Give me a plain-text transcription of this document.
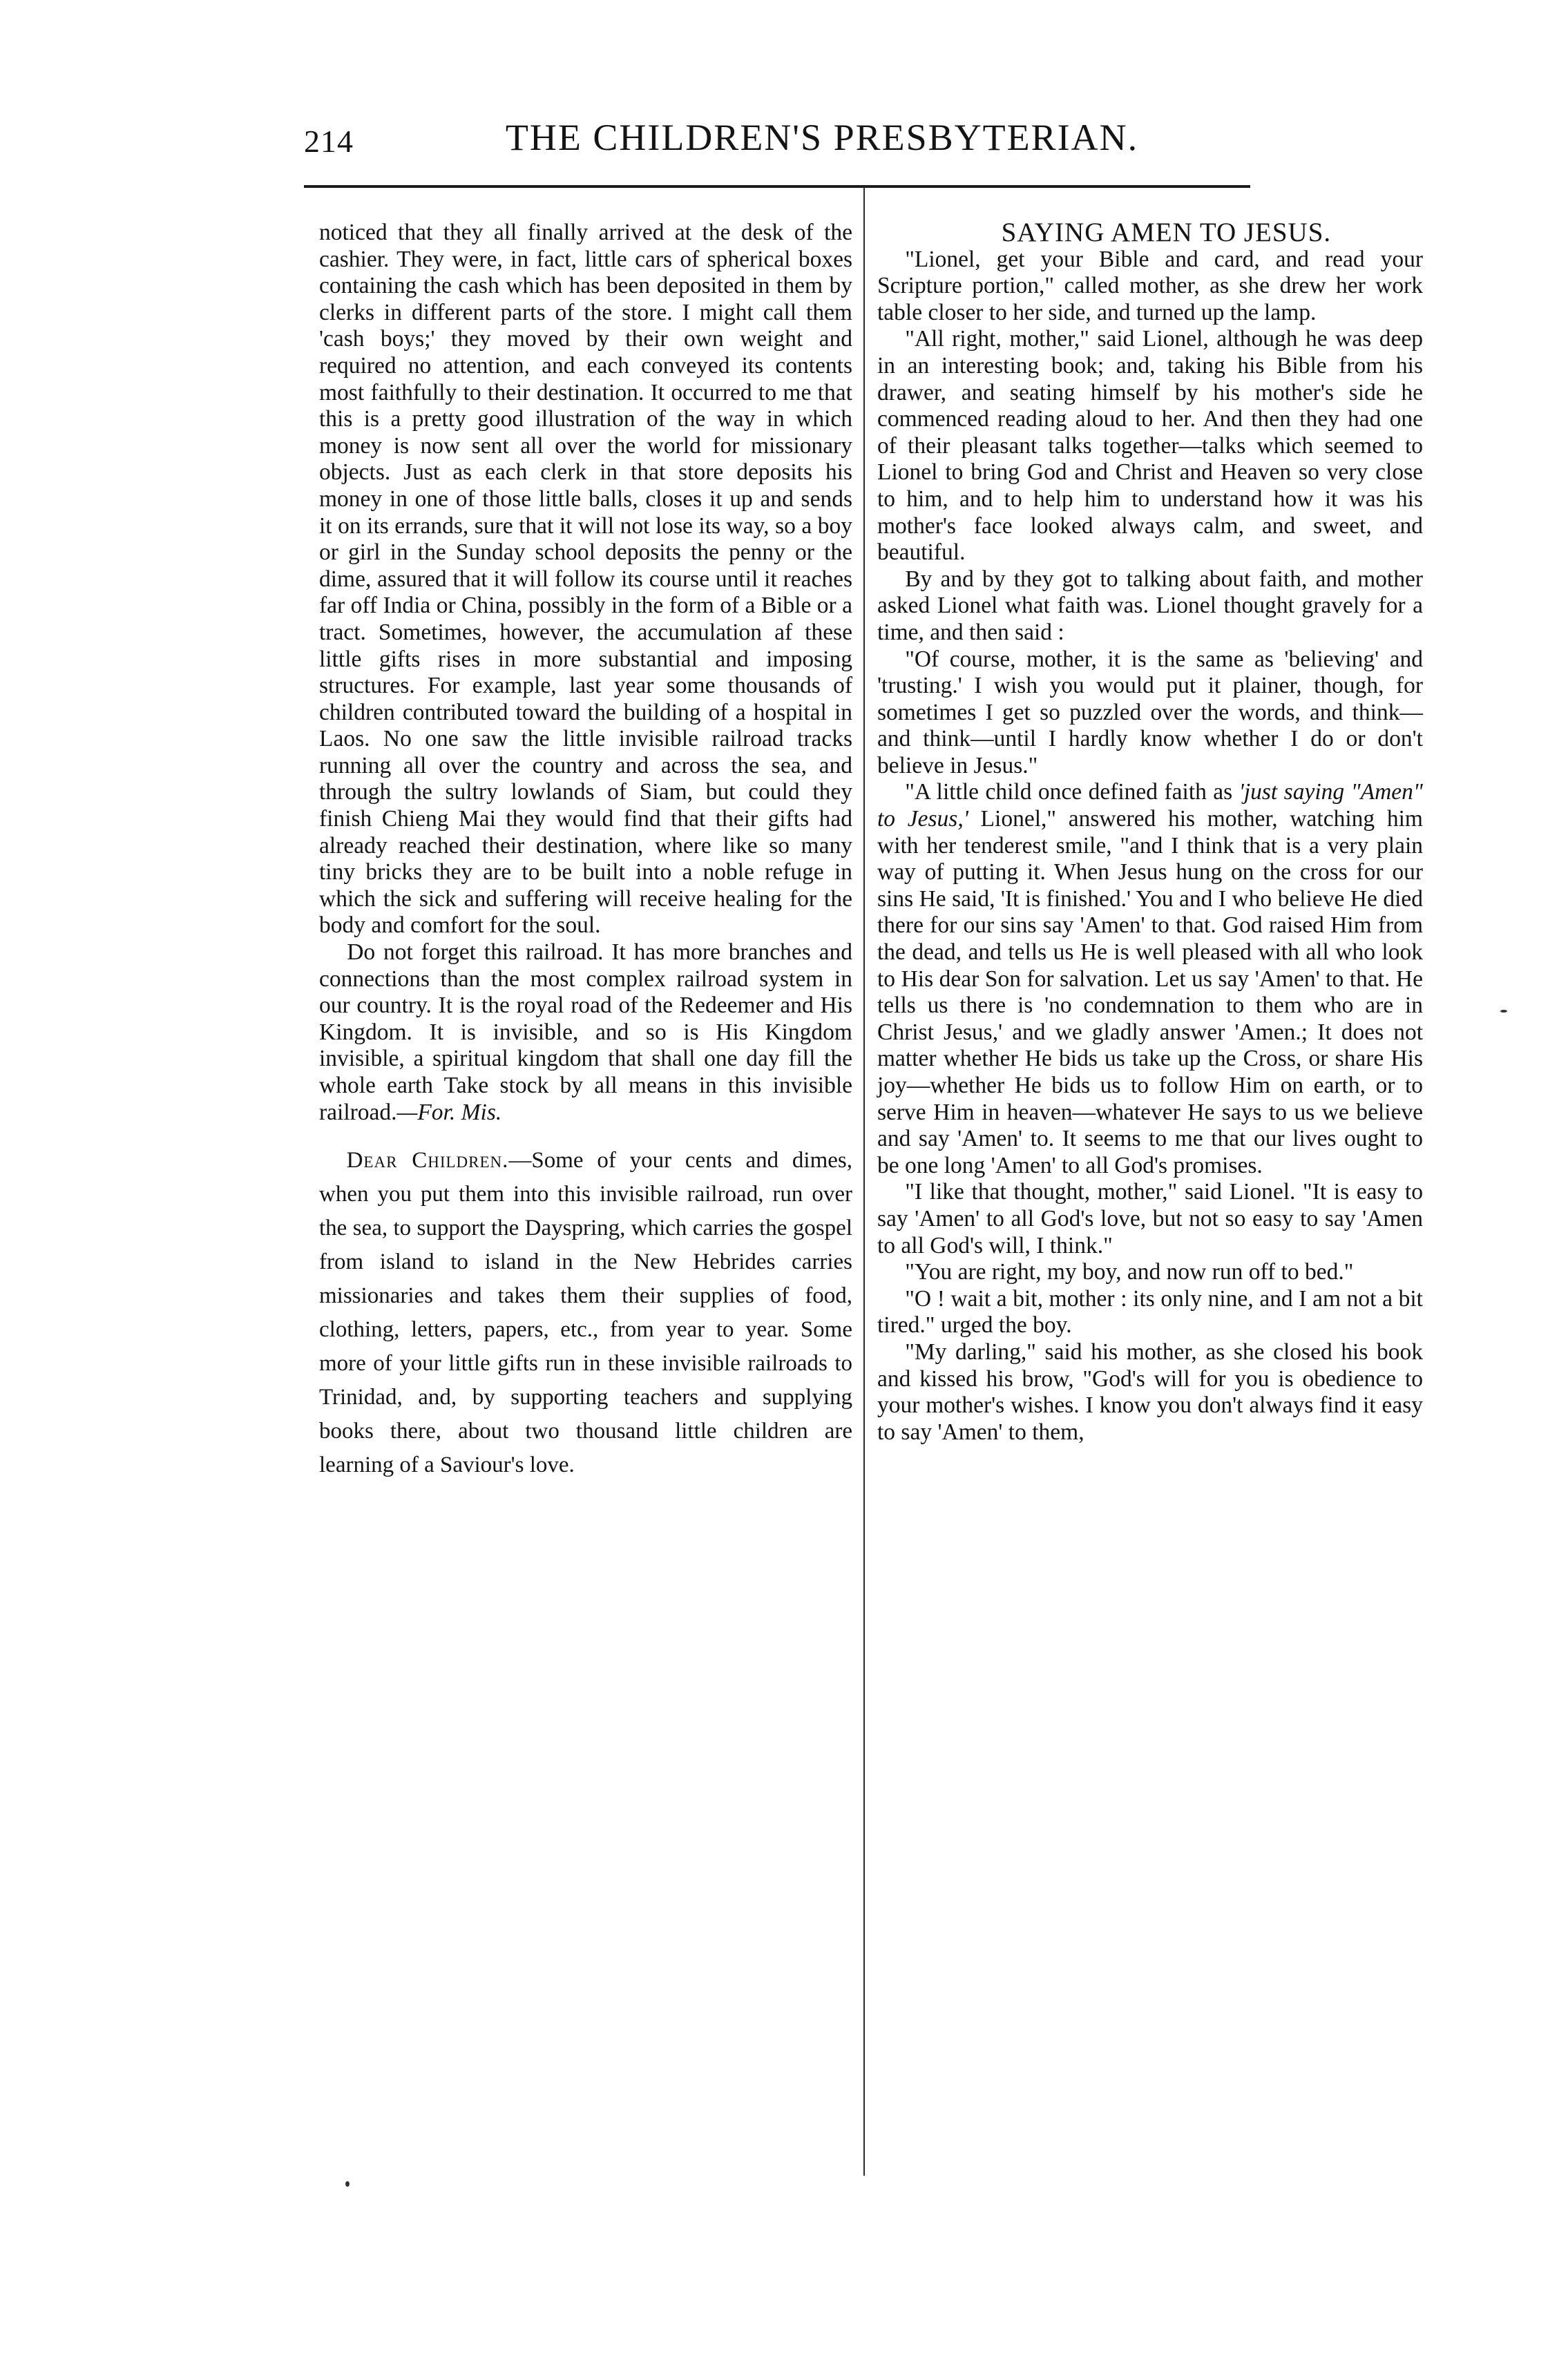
214	THE CHILDREN'S PRESBYTERIAN.

noticed that they all finally arrived at the desk of the cashier. They were, in fact, little cars of spherical boxes containing the cash which has been deposited in them by clerks in different parts of the store. I might call them 'cash boys;' they moved by their own weight and required no attention, and each conveyed its contents most faithfully to their destination. It occurred to me that this is a pretty good illustration of the way in which money is now sent all over the world for missionary objects. Just as each clerk in that store deposits his money in one of those little balls, closes it up and sends it on its errands, sure that it will not lose its way, so a boy or girl in the Sunday school deposits the penny or the dime, assured that it will follow its course until it reaches far off India or China, possibly in the form of a Bible or a tract. Sometimes, however, the accumulation af these little gifts rises in more substantial and imposing structures. For example, last year some thousands of children contributed toward the building of a hospital in Laos. No one saw the little invisible railroad tracks running all over the country and across the sea, and through the sultry lowlands of Siam, but could they finish Chieng Mai they would find that their gifts had already reached their destination, where like so many tiny bricks they are to be built into a noble refuge in which the sick and suffering will receive healing for the body and comfort for the soul.

Do not forget this railroad. It has more branches and connections than the most complex railroad system in our country. It is the royal road of the Redeemer and His Kingdom. It is invisible, and so is His Kingdom invisible, a spiritual kingdom that shall one day fill the whole earth Take stock by all means in this invisible railroad.—For. Mis.

Dear Children.—Some of your cents and dimes, when you put them into this invisible railroad, run over the sea, to support the Dayspring, which carries the gospel from island to island in the New Hebrides carries missionaries and takes them their supplies of food, clothing, letters, papers, etc., from year to year. Some more of your little gifts run in these invisible railroads to Trinidad, and, by supporting teachers and supplying books there, about two thousand little children are learning of a Saviour's love.

SAYING AMEN TO JESUS.

"Lionel, get your Bible and card, and read your Scripture portion," called mother, as she drew her work table closer to her side, and turned up the lamp.

"All right, mother," said Lionel, although he was deep in an interesting book; and, taking his Bible from his drawer, and seating himself by his mother's side he commenced reading aloud to her. And then they had one of their pleasant talks together—talks which seemed to Lionel to bring God and Christ and Heaven so very close to him, and to help him to understand how it was his mother's face looked always calm, and sweet, and beautiful.

By and by they got to talking about faith, and mother asked Lionel what faith was. Lionel thought gravely for a time, and then said :

"Of course, mother, it is the same as 'believing' and 'trusting.' I wish you would put it plainer, though, for sometimes I get so puzzled over the words, and think—and think—until I hardly know whether I do or don't believe in Jesus."

"A little child once defined faith as 'just saying "Amen" to Jesus,' Lionel," answered his mother, watching him with her tenderest smile, "and I think that is a very plain way of putting it. When Jesus hung on the cross for our sins He said, 'It is finished.' You and I who believe He died there for our sins say 'Amen' to that. God raised Him from the dead, and tells us He is well pleased with all who look to His dear Son for salvation. Let us say 'Amen' to that. He tells us there is 'no condemnation to them who are in Christ Jesus,' and we gladly answer 'Amen.; It does not matter whether He bids us take up the Cross, or share His joy—whether He bids us to follow Him on earth, or to serve Him in heaven—whatever He says to us we believe and say 'Amen' to. It seems to me that our lives ought to be one long 'Amen' to all God's promises.

"I like that thought, mother," said Lionel. "It is easy to say 'Amen' to all God's love, but not so easy to say 'Amen to all God's will, I think."

"You are right, my boy, and now run off to bed."

"O ! wait a bit, mother : its only nine, and I am not a bit tired." urged the boy.

"My darling," said his mother, as she closed his book and kissed his brow, "God's will for you is obedience to your mother's wishes. I know you don't always find it easy to say 'Amen' to them,
